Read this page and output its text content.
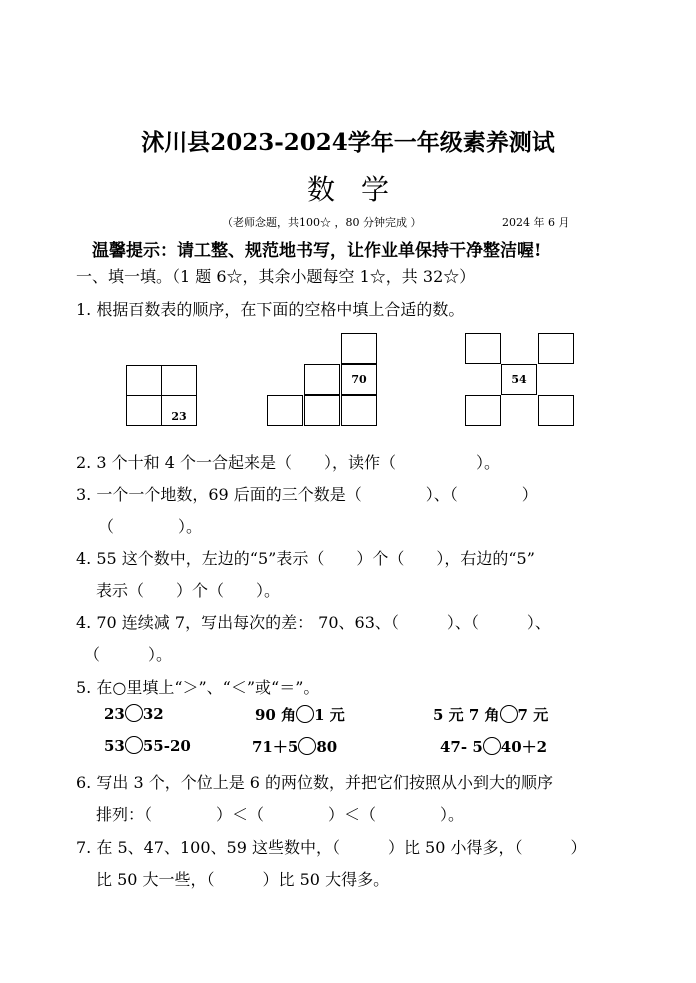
沭川县2023-2024学年一年级素养测试
数学
（老师念题，共100☆ ，80 分钟完成 ）	2024 年 6 月
温馨提示：请工整、规范地书写，让作业单保持干净整洁喔!
一、填一填。（1 题 6☆，其余小题每空 1☆，共 32☆）
1. 根据百数表的顺序，在下面的空格中填上合适的数。
23
70	54
2. 3 个十和 4 个一合起来是（　　），读作（　　　　　）。
3. 一个一个地数，69 后面的三个数是（　　　　）、（　　　　）
（　　　　）。
4. 55 这个数中，左边的“5”表示（　　）个（　　），右边的“5”
表示（　　）个（　　）。
4. 70 连续减 7，写出每次的差： 70、63、（　　　）、（　　　）、
（　　　）。
5. 在○里填上“＞”、“＜”或“＝”。
23 32	90 角 1 元	5 元 7 角 7 元
53 55-20	71＋5 80	47- 5 40＋2
6. 写出 3 个，个位上是 6 的两位数，并把它们按照从小到大的顺序
排列：（　　　　）＜（　　　　）＜（　　　　）。
7. 在 5、47、100、59 这些数中，（　　　）比 50 小得多，（　　　）
比 50 大一些，（　　　）比 50 大得多。
